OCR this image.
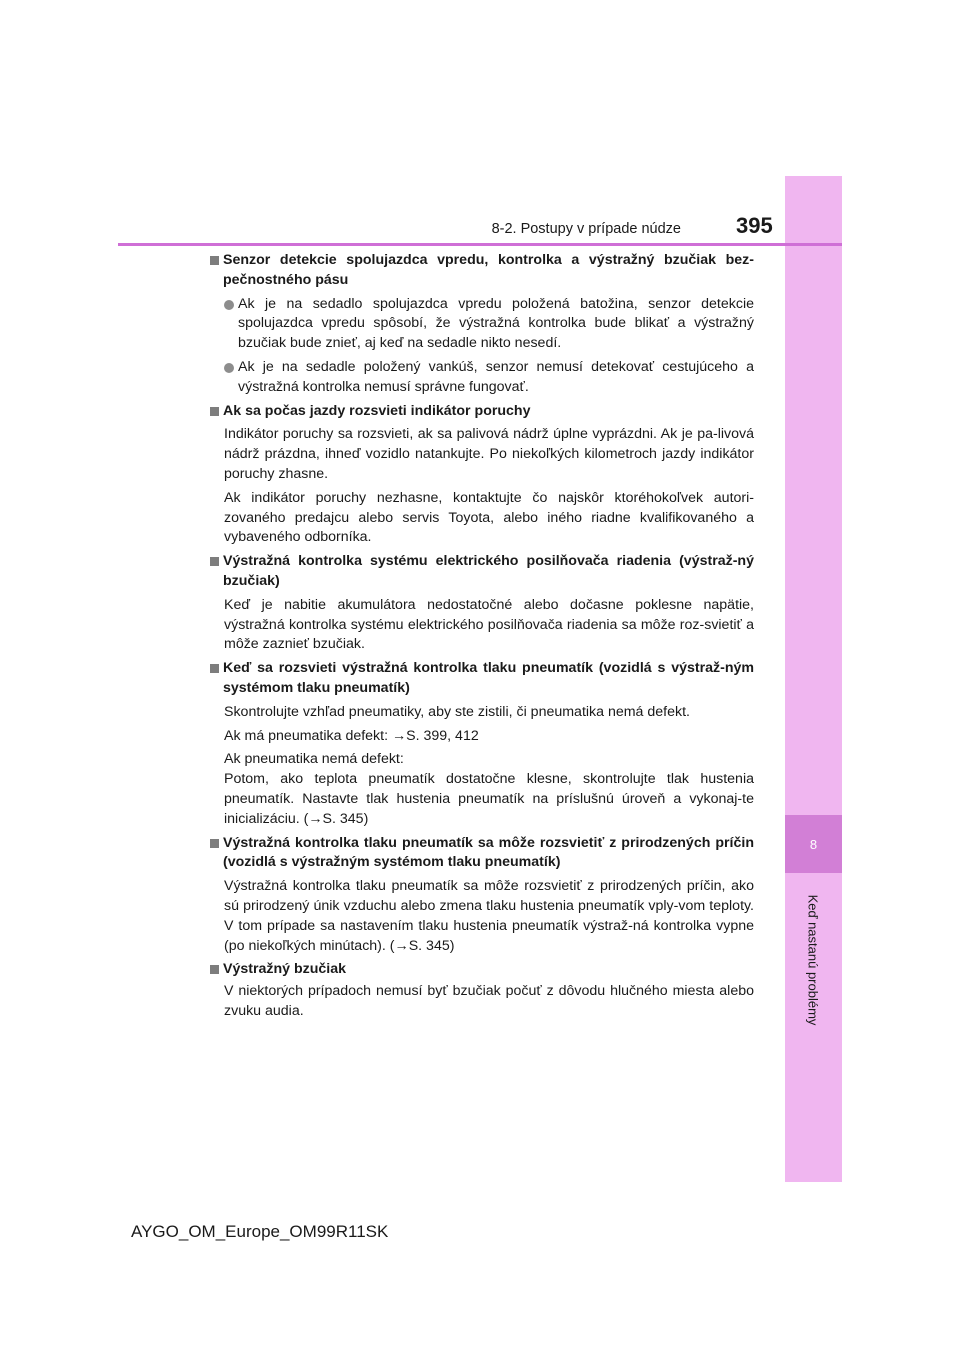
8
Keď nastanú problémy
8-2. Postupy v prípade núdze	395
Senzor detekcie spolujazdca vpredu, kontrolka a výstražný bzučiak bez-pečnostného pásu
Ak je na sedadlo spolujazdca vpredu položená batožina, senzor detekcie spolujazdca vpredu spôsobí, že výstražná kontrolka bude blikať a výstražný bzučiak bude znieť, aj keď na sedadle nikto nesedí.
Ak je na sedadle položený vankúš, senzor nemusí detekovať cestujúceho a výstražná kontrolka nemusí správne fungovať.
Ak sa počas jazdy rozsvieti indikátor poruchy
Indikátor poruchy sa rozsvieti, ak sa palivová nádrž úplne vyprázdni. Ak je pa-livová nádrž prázdna, ihneď vozidlo natankujte. Po niekoľkých kilometroch jazdy indikátor poruchy zhasne.
Ak indikátor poruchy nezhasne, kontaktujte čo najskôr ktoréhokoľvek autori-zovaného predajcu alebo servis Toyota, alebo iného riadne kvalifikovaného a vybaveného odborníka.
Výstražná kontrolka systému elektrického posilňovača riadenia (výstraž-ný bzučiak)
Keď je nabitie akumulátora nedostatočné alebo dočasne poklesne napätie, výstražná kontrolka systému elektrického posilňovača riadenia sa môže roz-svietiť a môže zaznieť bzučiak.
Keď sa rozsvieti výstražná kontrolka tlaku pneumatík (vozidlá s výstraž-ným systémom tlaku pneumatík)
Skontrolujte vzhľad pneumatiky, aby ste zistili, či pneumatika nemá defekt.
Ak má pneumatika defekt: →S. 399, 412
Ak pneumatika nemá defekt:
Potom, ako teplota pneumatík dostatočne klesne, skontrolujte tlak hustenia pneumatík. Nastavte tlak hustenia pneumatík na príslušnú úroveň a vykonaj-te inicializáciu. (→S. 345)
Výstražná kontrolka tlaku pneumatík sa môže rozsvietiť z prirodzených príčin (vozidlá s výstražným systémom tlaku pneumatík)
Výstražná kontrolka tlaku pneumatík sa môže rozsvietiť z prirodzených príčin, ako sú prirodzený únik vzduchu alebo zmena tlaku hustenia pneumatík vply-vom teploty. V tom prípade sa nastavením tlaku hustenia pneumatík výstraž-ná kontrolka vypne (po niekoľkých minútach). (→S. 345)
Výstražný bzučiak
V niektorých prípadoch nemusí byť bzučiak počuť z dôvodu hlučného miesta alebo zvuku audia.
AYGO_OM_Europe_OM99R11SK
